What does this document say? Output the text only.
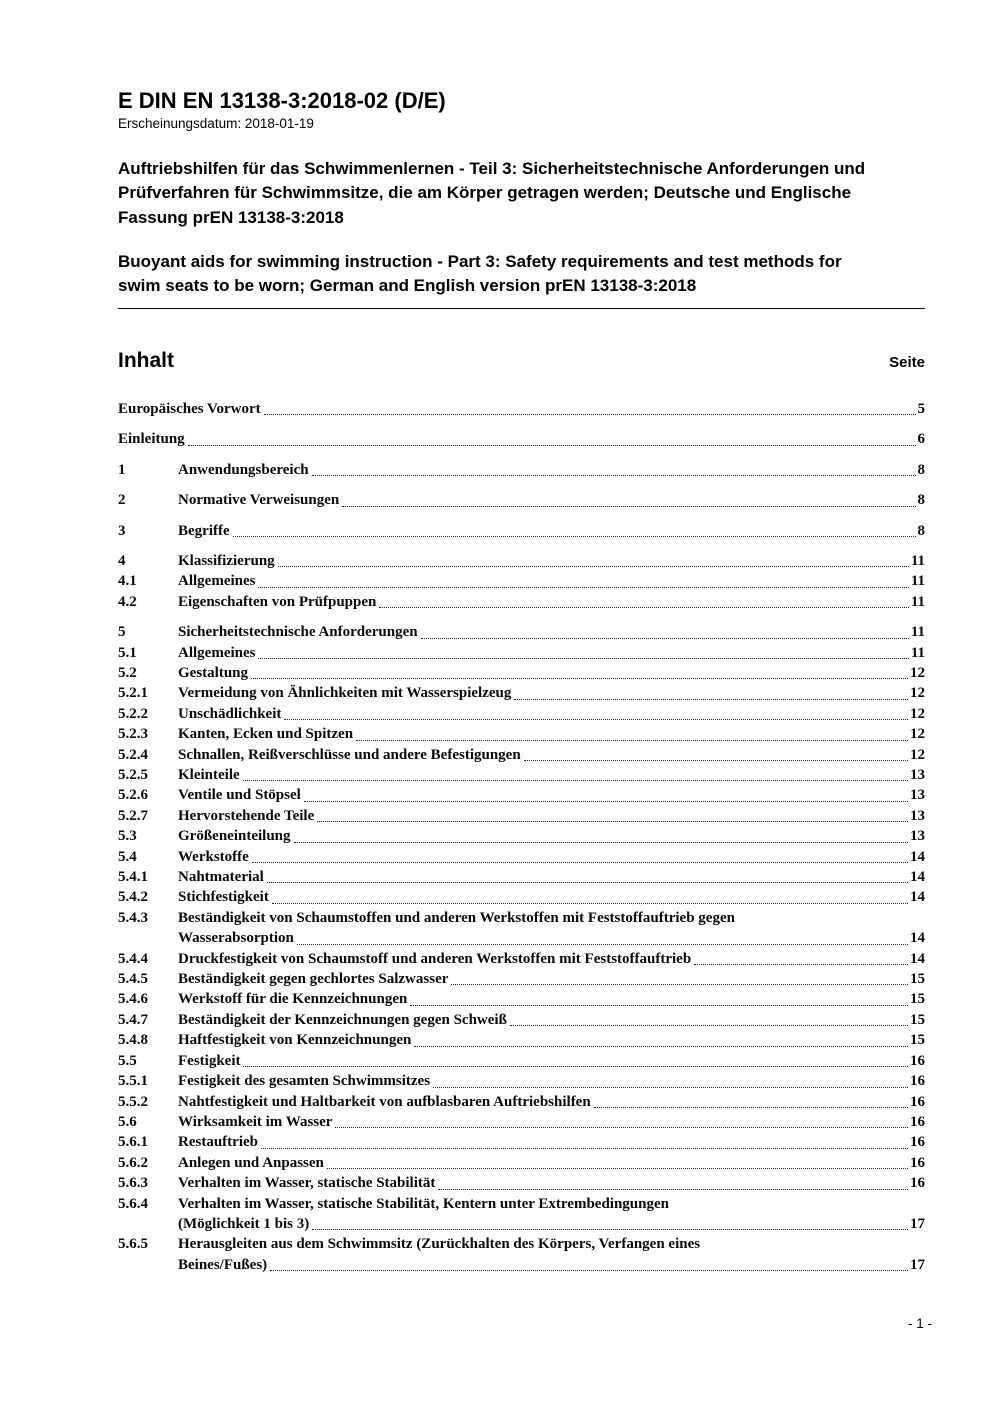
E DIN EN 13138-3:2018-02 (D/E)
Erscheinungsdatum: 2018-01-19

Auftriebshilfen für das Schwimmenlernen - Teil 3: Sicherheitstechnische Anforderungen und Prüfverfahren für Schwimmsitze, die am Körper getragen werden; Deutsche und Englische Fassung prEN 13138-3:2018

Buoyant aids for swimming instruction - Part 3: Safety requirements and test methods for swim seats to be worn; German and English version prEN 13138-3:2018

Inhalt	Seite
Europäisches Vorwort	5
Einleitung	6
1	Anwendungsbereich	8
2	Normative Verweisungen	8
3	Begriffe	8
4	Klassifizierung	11
4.1	Allgemeines	11
4.2	Eigenschaften von Prüfpuppen	11
5	Sicherheitstechnische Anforderungen	11
5.1	Allgemeines	11
5.2	Gestaltung	12
5.2.1	Vermeidung von Ähnlichkeiten mit Wasserspielzeug	12
5.2.2	Unschädlichkeit	12
5.2.3	Kanten, Ecken und Spitzen	12
5.2.4	Schnallen, Reißverschlüsse und andere Befestigungen	12
5.2.5	Kleinteile	13
5.2.6	Ventile und Stöpsel	13
5.2.7	Hervorstehende Teile	13
5.3	Größeneinteilung	13
5.4	Werkstoffe	14
5.4.1	Nahtmaterial	14
5.4.2	Stichfestigkeit	14
5.4.3	Beständigkeit von Schaumstoffen und anderen Werkstoffen mit Feststoffauftrieb gegen
Wasserabsorption	14
5.4.4	Druckfestigkeit von Schaumstoff und anderen Werkstoffen mit Feststoffauftrieb	14
5.4.5	Beständigkeit gegen gechlortes Salzwasser	15
5.4.6	Werkstoff für die Kennzeichnungen	15
5.4.7	Beständigkeit der Kennzeichnungen gegen Schweiß	15
5.4.8	Haftfestigkeit von Kennzeichnungen	15
5.5	Festigkeit	16
5.5.1	Festigkeit des gesamten Schwimmsitzes	16
5.5.2	Nahtfestigkeit und Haltbarkeit von aufblasbaren Auftriebshilfen	16
5.6	Wirksamkeit im Wasser	16
5.6.1	Restauftrieb	16
5.6.2	Anlegen und Anpassen	16
5.6.3	Verhalten im Wasser, statische Stabilität	16
5.6.4	Verhalten im Wasser, statische Stabilität, Kentern unter Extrembedingungen
(Möglichkeit 1 bis 3)	17
5.6.5	Herausgleiten aus dem Schwimmsitz (Zurückhalten des Körpers, Verfangen eines
Beines/Fußes)	17
- 1 -
